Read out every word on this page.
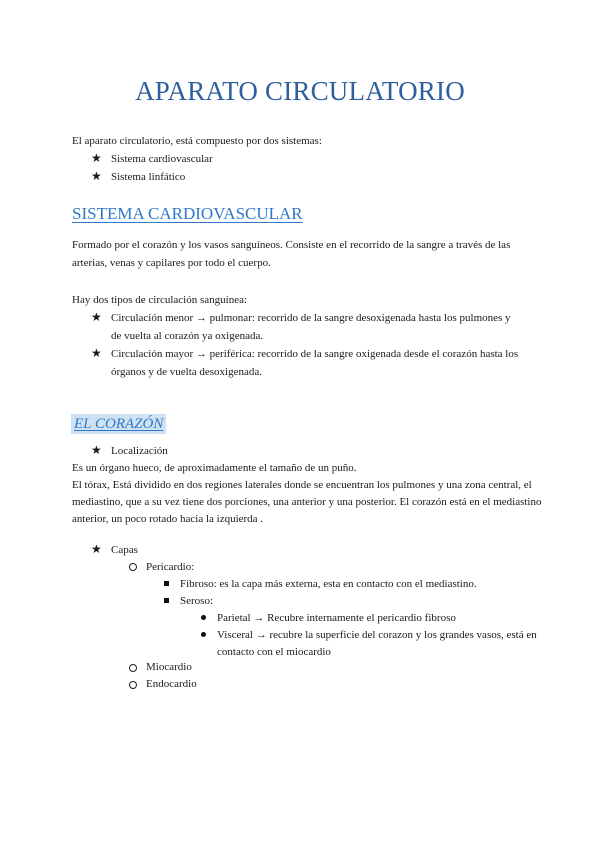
APARATO CIRCULATORIO
El aparato circulatorio, está compuesto por dos sistemas:
★ Sistema cardiovascular
★ Sistema linfático
SISTEMA CARDIOVASCULAR
Formado por el corazón y los vasos sanguíneos. Consiste en el recorrido de la sangre a través de las
arterias, venas y capilares por todo el cuerpo.
Hay dos tipos de circulación sanguínea:
★ Circulación menor → pulmonar: recorrido de la sangre desoxigenada hasta los pulmones y
de vuelta al corazón ya oxigenada.
★ Circulación mayor → periférica: recorrido de la sangre oxigenada desde el corazón hasta los
órganos y de vuelta desoxigenada.
EL CORAZÓN
★ Localización
Es un órgano hueco, de aproximadamente el tamaño de un puño.
El tórax, Está dividido en dos regiones laterales donde se encuentran los pulmones y una zona central, el
mediastino, que a su vez tiene dos porciones, una anterior y una posterior. El corazón está en el mediastino
anterior, un poco rotado hacia la izquierda .
★ Capas
Pericardio:
Fibroso: es la capa más externa, esta en contacto con el mediastino.
Seroso:
Parietal → Recubre internamente el pericardio fibroso
Visceral → recubre la superficie del corazon y los grandes vasos, está en
contacto con el miocardio
Miocardio
Endocardio
